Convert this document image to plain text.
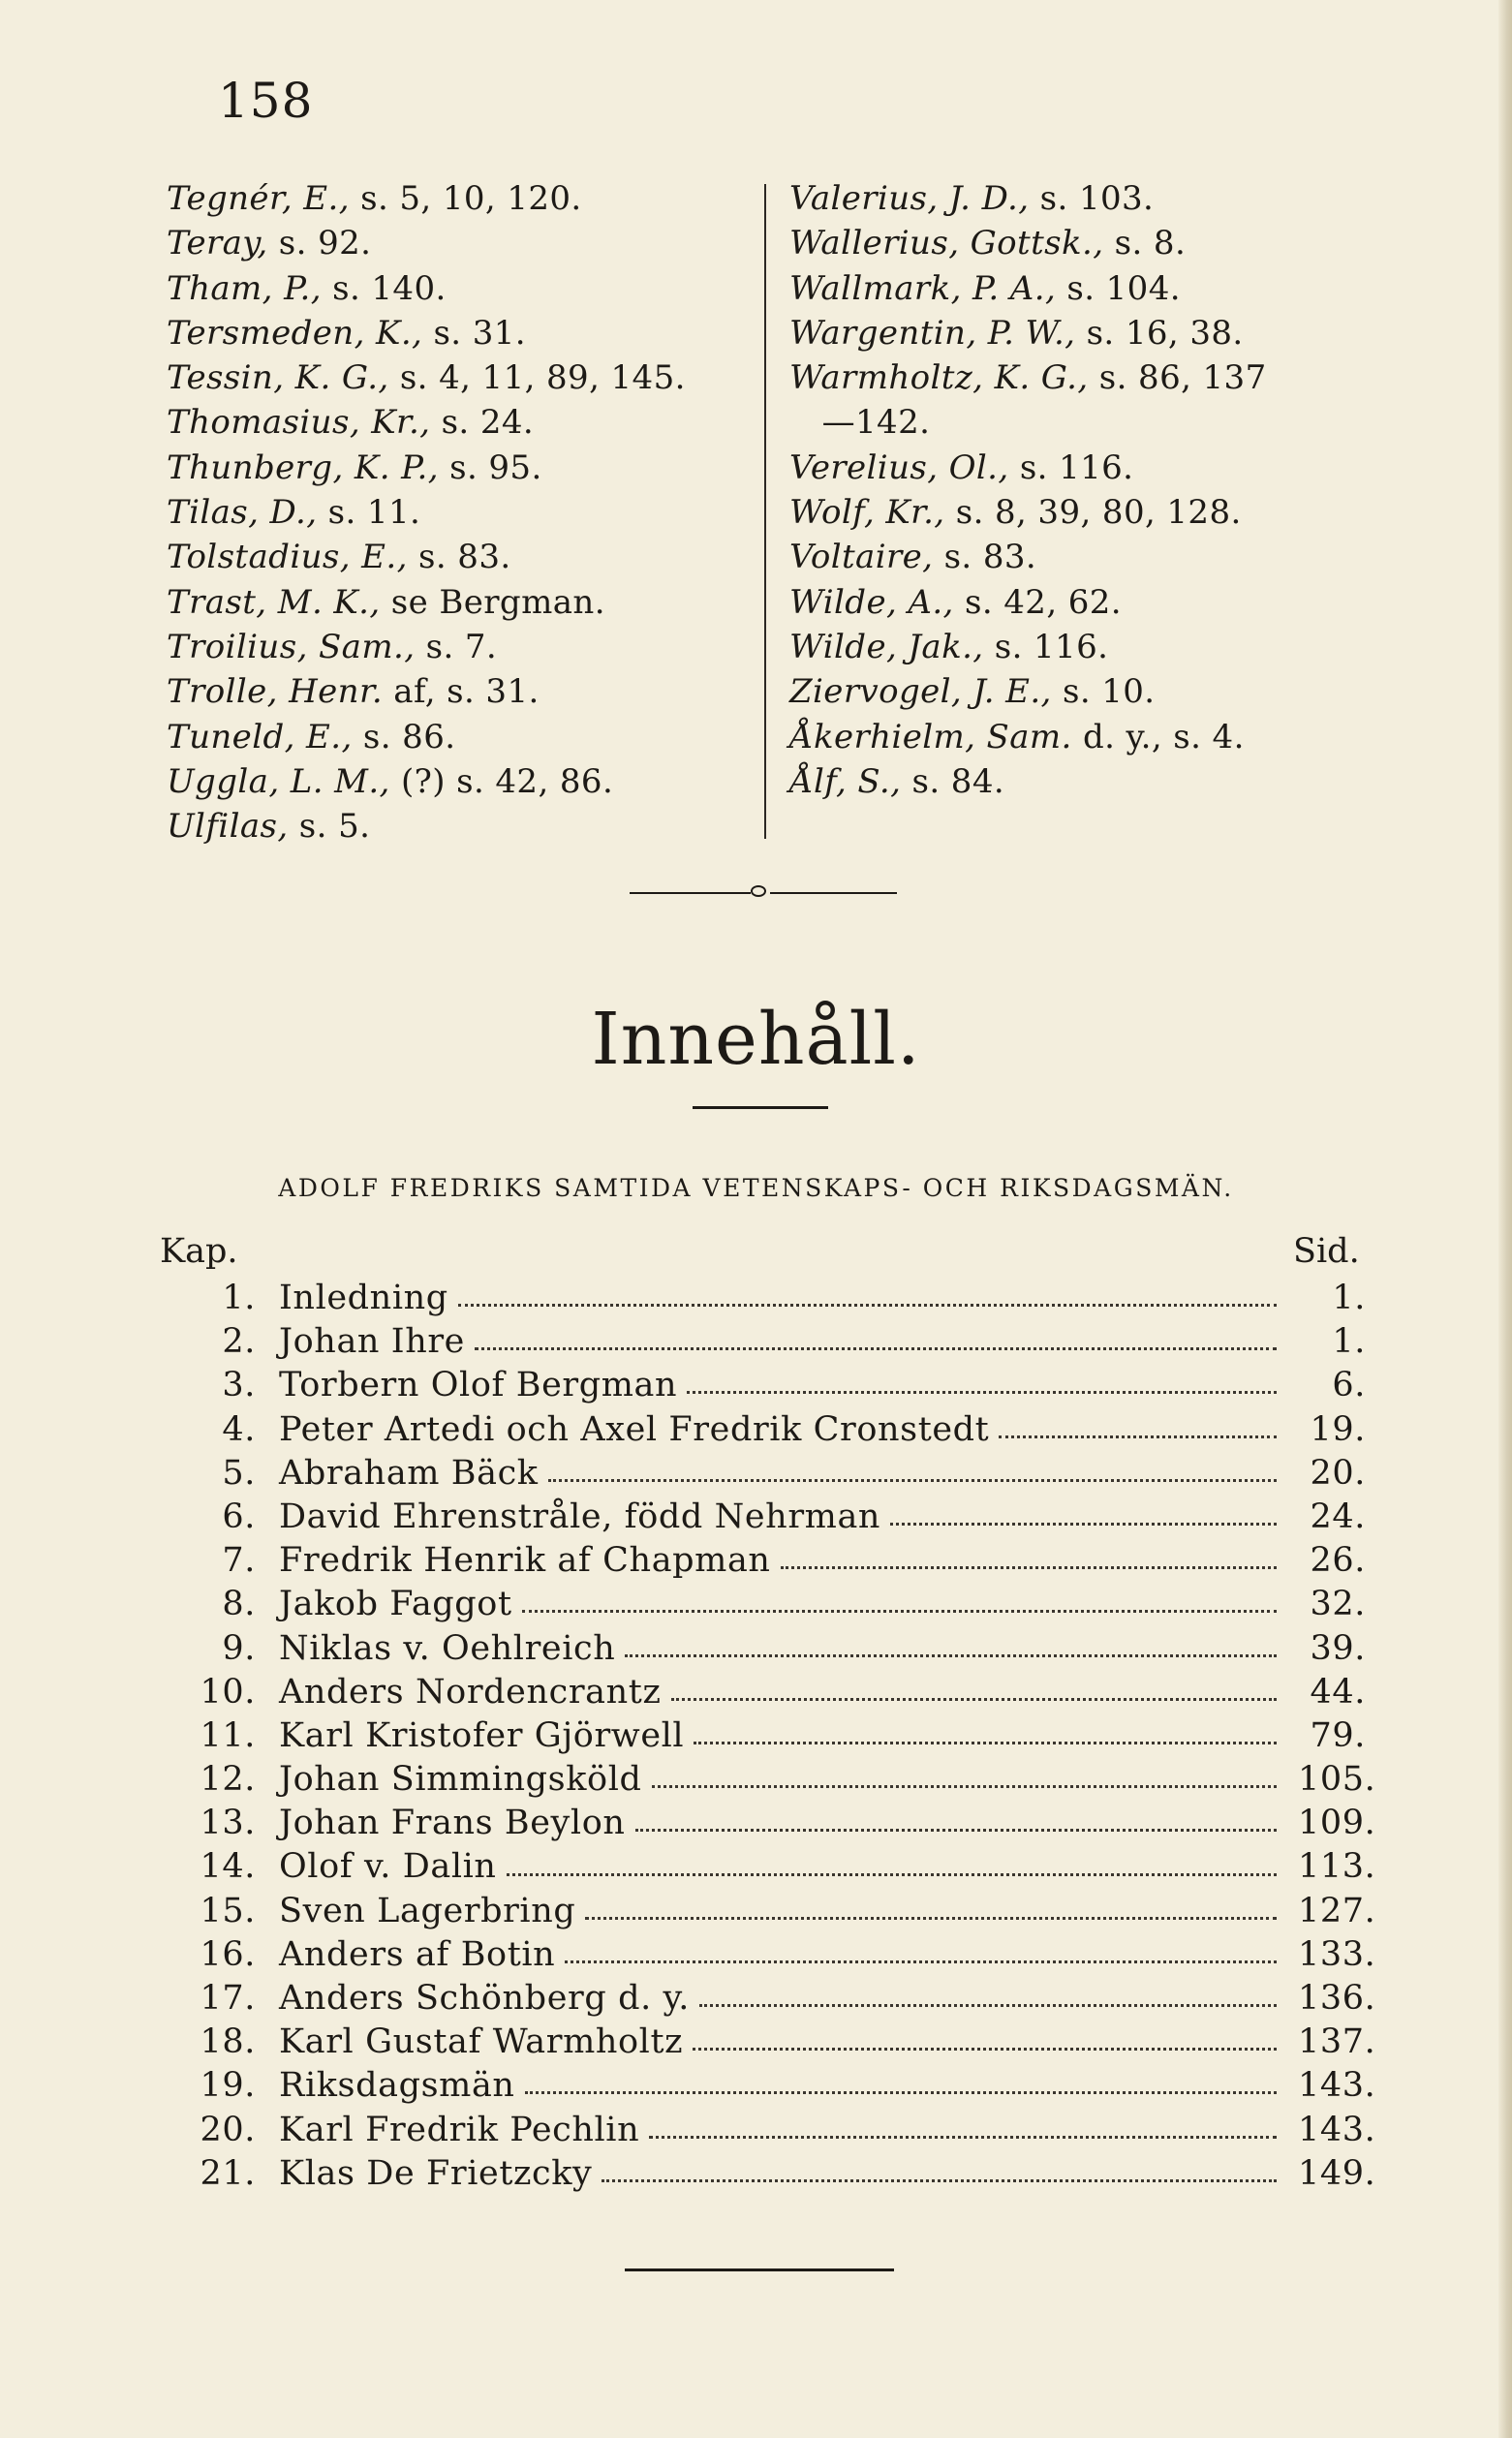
158
Tegnér, E., s. 5, 10, 120.
Teray, s. 92.
Tham, P., s. 140.
Tersmeden, K., s. 31.
Tessin, K. G., s. 4, 11, 89, 145.
Thomasius, Kr., s. 24.
Thunberg, K. P., s. 95.
Tilas, D., s. 11.
Tolstadius, E., s. 83.
Trast, M. K., se Bergman.
Troilius, Sam., s. 7.
Trolle, Henr. af, s. 31.
Tuneld, E., s. 86.
Uggla, L. M., (?) s. 42, 86.
Ulfilas, s. 5.
Valerius, J. D., s. 103.
Wallerius, Gottsk., s. 8.
Wallmark, P. A., s. 104.
Wargentin, P. W., s. 16, 38.
Warmholtz, K. G., s. 86, 137
—142.
Verelius, Ol., s. 116.
Wolf, Kr., s. 8, 39, 80, 128.
Voltaire, s. 83.
Wilde, A., s. 42, 62.
Wilde, Jak., s. 116.
Ziervogel, J. E., s. 10.
Åkerhielm, Sam. d. y., s. 4.
Ålf, S., s. 84.
Innehåll.
ADOLF FREDRIKS SAMTIDA VETENSKAPS- OCH RIKSDAGSMÄN.
Kap.	Sid.
1. Inledning	1.
2. Johan Ihre	1.
3. Torbern Olof Bergman	6.
4. Peter Artedi och Axel Fredrik Cronstedt	19.
5. Abraham Bäck	20.
6. David Ehrenstråle, född Nehrman	24.
7. Fredrik Henrik af Chapman	26.
8. Jakob Faggot	32.
9. Niklas v. Oehlreich	39.
10. Anders Nordencrantz	44.
11. Karl Kristofer Gjörwell	79.
12. Johan Simmingsköld	105.
13. Johan Frans Beylon	109.
14. Olof v. Dalin	113.
15. Sven Lagerbring	127.
16. Anders af Botin	133.
17. Anders Schönberg d. y.	136.
18. Karl Gustaf Warmholtz	137.
19. Riksdagsmän	143.
20. Karl Fredrik Pechlin	143.
21. Klas De Frietzcky	149.
